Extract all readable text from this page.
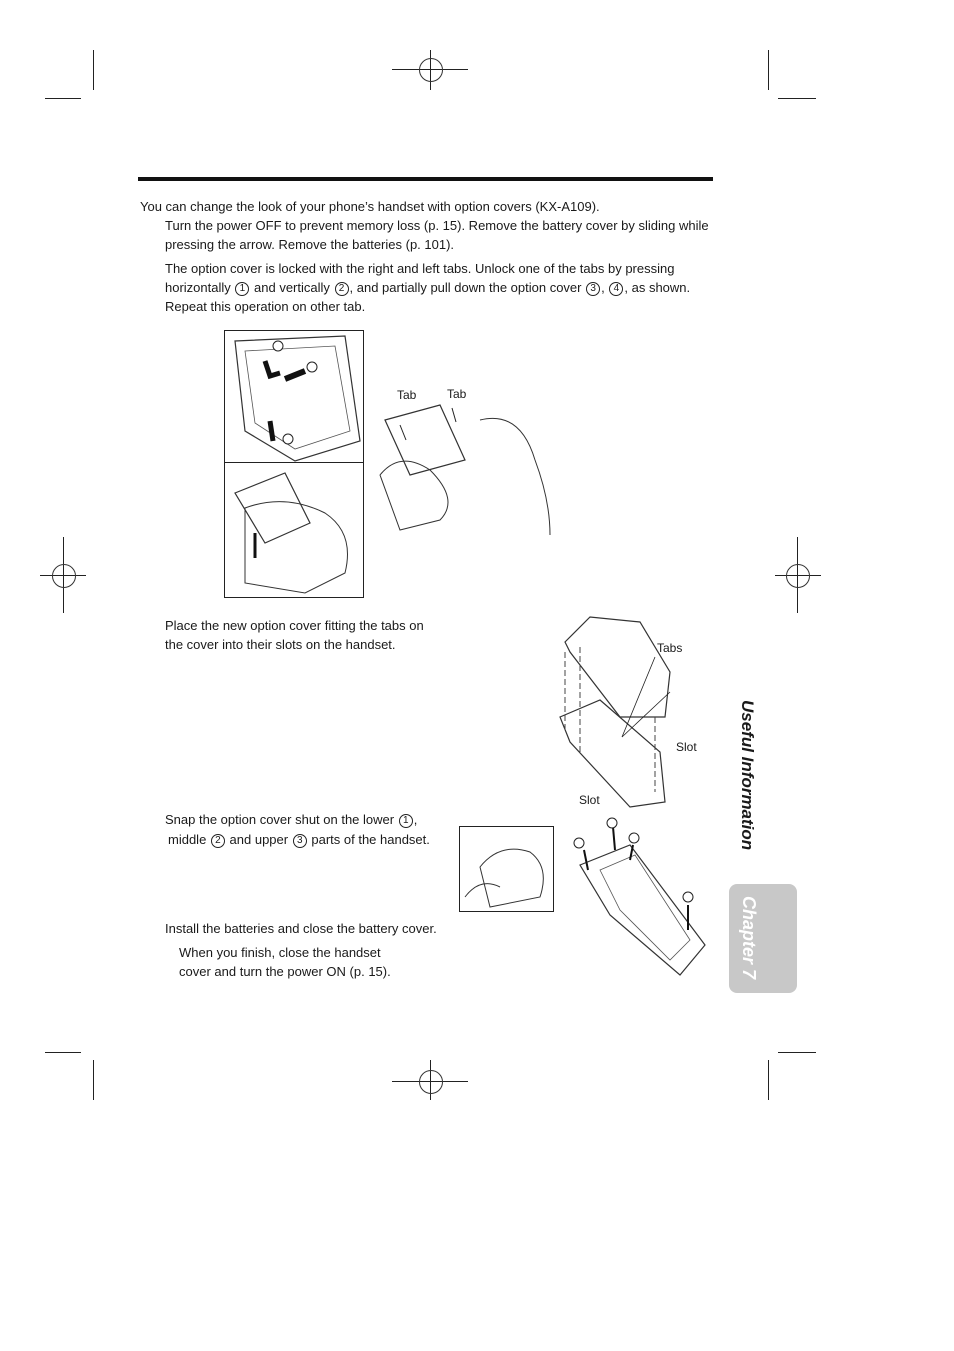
You can change the look of your phone’s handset with option covers (KX-A109).
Turn the power OFF to prevent memory loss (p. 15). Remove the battery cover by sliding while
pressing the arrow. Remove the batteries (p. 101).
The option cover is locked with the right and left tabs. Unlock one of the tabs by pressing
horizontally 1 and vertically 2 , and partially pull down the option cover 3 , 4 , as shown.
Repeat this operation on other tab.
Tab	Tab
Place the new option cover fitting the tabs on
the cover into their slots on the handset.	Tabs
Slot
Slot
Snap the option cover shut on the lower 1 ,
middle 2 and upper 3 parts of the handset.
Install the batteries and close the battery cover.
When you finish, close the handset
cover and turn the power ON (p. 15).
Useful Information
Chapter 7
